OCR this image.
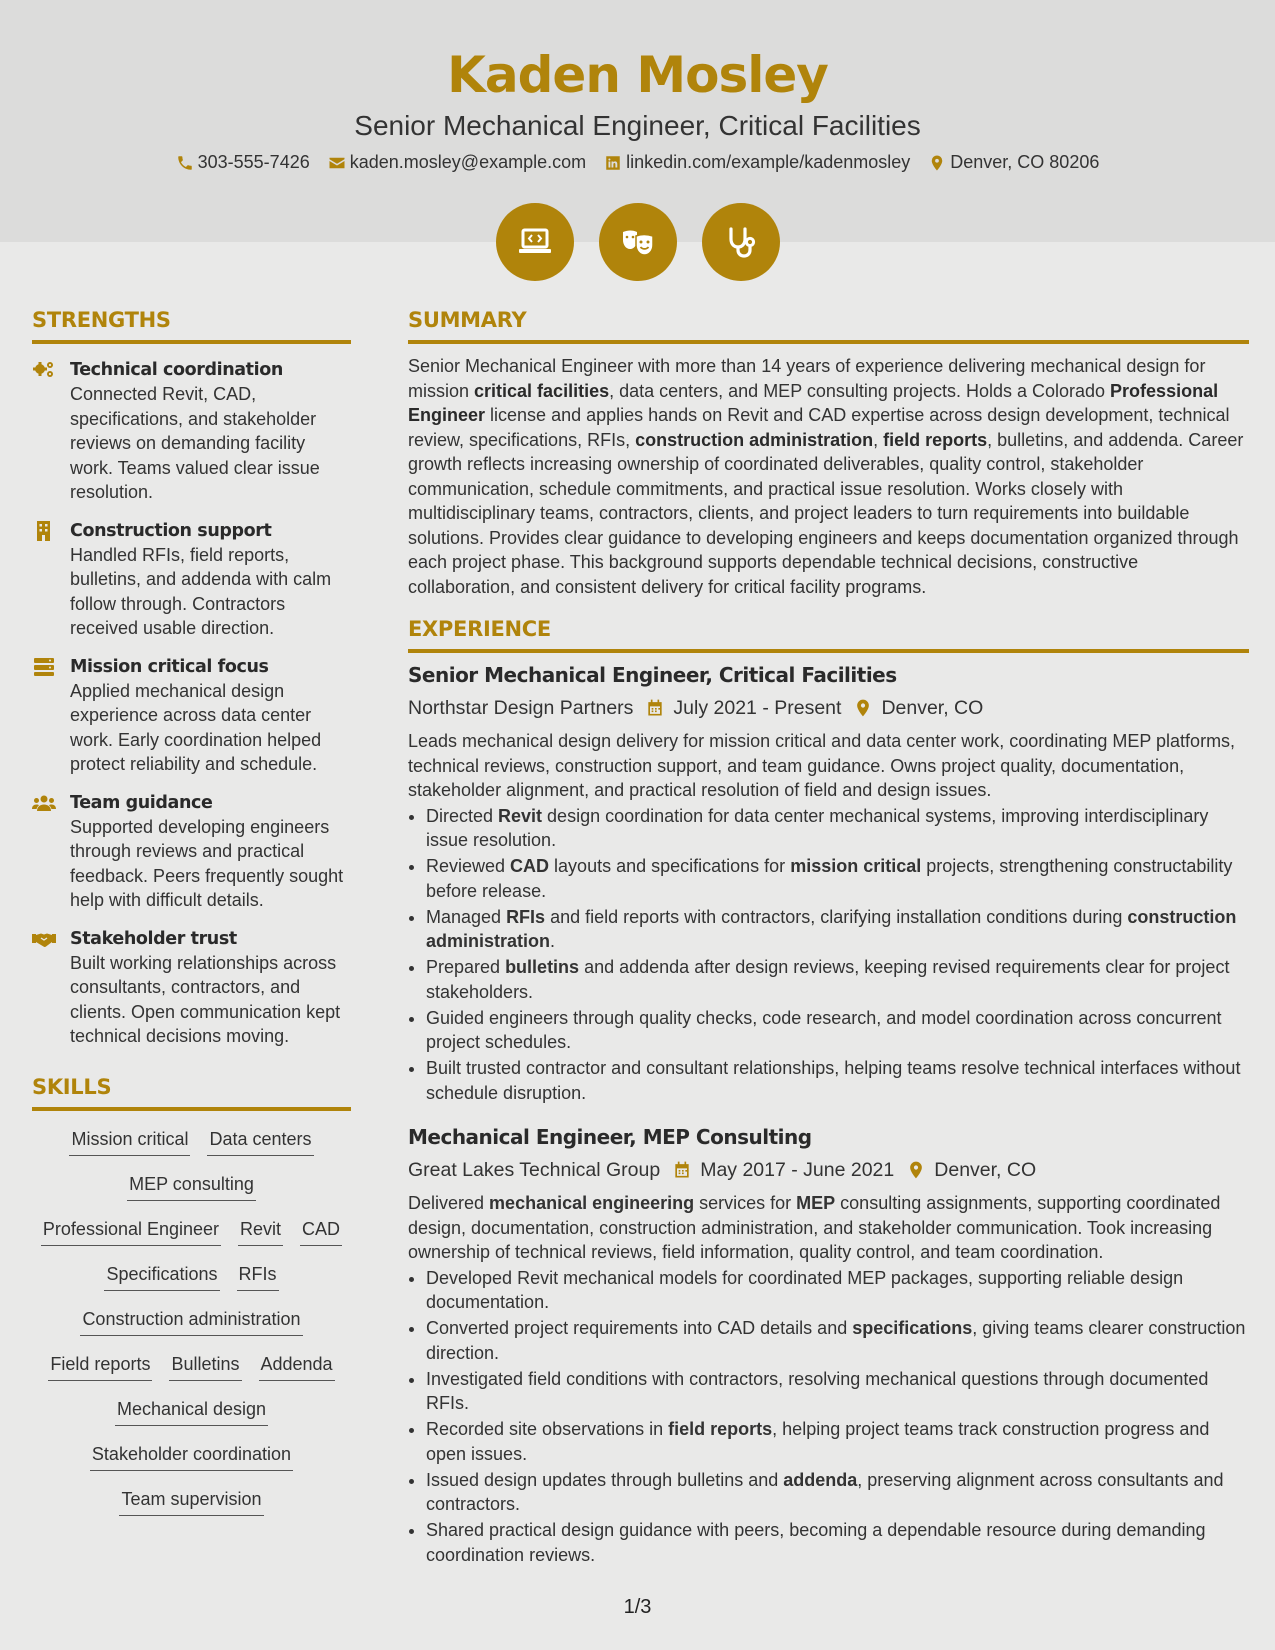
Kaden Mosley
Senior Mechanical Engineer, Critical Facilities
303-555-7426 kaden.mosley@example.com linkedin.com/example/kadenmosley Denver, CO 80206
STRENGTHS
Technical coordination
Connected Revit, CAD, specifications, and stakeholder reviews on demanding facility work. Teams valued clear issue resolution.
Construction support
Handled RFIs, field reports, bulletins, and addenda with calm follow through. Contractors received usable direction.
Mission critical focus
Applied mechanical design experience across data center work. Early coordination helped protect reliability and schedule.
Team guidance
Supported developing engineers through reviews and practical feedback. Peers frequently sought help with difficult details.
Stakeholder trust
Built working relationships across consultants, contractors, and clients. Open communication kept technical decisions moving.
SKILLS
Mission critical Data centers
MEP consulting
Professional Engineer Revit CAD
Specifications RFIs
Construction administration
Field reports Bulletins Addenda
Mechanical design
Stakeholder coordination
Team supervision
SUMMARY
Senior Mechanical Engineer with more than 14 years of experience delivering mechanical design for mission critical facilities, data centers, and MEP consulting projects. Holds a Colorado Professional Engineer license and applies hands on Revit and CAD expertise across design development, technical review, specifications, RFIs, construction administration, field reports, bulletins, and addenda. Career growth reflects increasing ownership of coordinated deliverables, quality control, stakeholder communication, schedule commitments, and practical issue resolution. Works closely with multidisciplinary teams, contractors, clients, and project leaders to turn requirements into buildable solutions. Provides clear guidance to developing engineers and keeps documentation organized through each project phase. This background supports dependable technical decisions, constructive collaboration, and consistent delivery for critical facility programs.
EXPERIENCE
Senior Mechanical Engineer, Critical Facilities
Northstar Design Partners July 2021 - Present Denver, CO
Leads mechanical design delivery for mission critical and data center work, coordinating MEP platforms, technical reviews, construction support, and team guidance. Owns project quality, documentation, stakeholder alignment, and practical resolution of field and design issues.
• Directed Revit design coordination for data center mechanical systems, improving interdisciplinary issue resolution.
• Reviewed CAD layouts and specifications for mission critical projects, strengthening constructability before release.
• Managed RFIs and field reports with contractors, clarifying installation conditions during construction administration.
• Prepared bulletins and addenda after design reviews, keeping revised requirements clear for project stakeholders.
• Guided engineers through quality checks, code research, and model coordination across concurrent project schedules.
• Built trusted contractor and consultant relationships, helping teams resolve technical interfaces without schedule disruption.
Mechanical Engineer, MEP Consulting
Great Lakes Technical Group May 2017 - June 2021 Denver, CO
Delivered mechanical engineering services for MEP consulting assignments, supporting coordinated design, documentation, construction administration, and stakeholder communication. Took increasing ownership of technical reviews, field information, quality control, and team coordination.
• Developed Revit mechanical models for coordinated MEP packages, supporting reliable design documentation.
• Converted project requirements into CAD details and specifications, giving teams clearer construction direction.
• Investigated field conditions with contractors, resolving mechanical questions through documented RFIs.
• Recorded site observations in field reports, helping project teams track construction progress and open issues.
• Issued design updates through bulletins and addenda, preserving alignment across consultants and contractors.
• Shared practical design guidance with peers, becoming a dependable resource during demanding coordination reviews.
1/3
